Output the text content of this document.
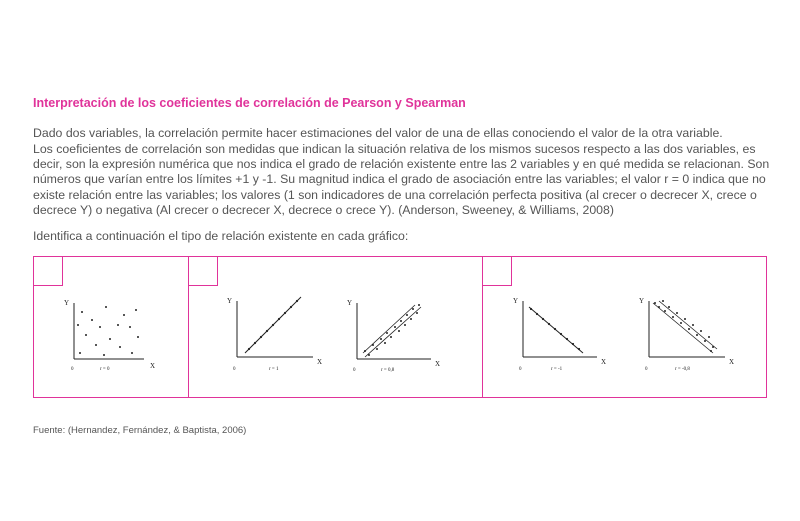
Interpretación de los coeficientes de correlación de Pearson y Spearman

Dado dos variables, la correlación permite hacer estimaciones del valor de una de ellas conociendo el valor de la otra variable.

Los coeficientes de correlación son medidas que indican la situación relativa de los mismos sucesos respecto a las dos variables, es decir, son la expresión numérica que nos indica el grado de relación existente entre las 2 variables y en qué medida se relacionan. Son números que varían entre los límites +1 y -1. Su magnitud indica el grado de asociación entre las variables; el valor r = 0 indica que no existe relación entre las variables; los valores (1 son indicadores de una correlación perfecta positiva (al crecer o decrecer X, crece o decrece Y) o negativa (Al crecer o decrecer X, decrece o crece Y). (Anderson, Sweeney, & Williams, 2008)

Identifica a continuación el tipo de relación existente en cada gráfico:

Y
X
0	r = 0
Y
X
0	r = 1
Y
X
0	r = 0,8
Y
X
0	r = -1
Y
X
0	r = -0,8

Fuente: (Hernandez, Fernández, & Baptista, 2006)
